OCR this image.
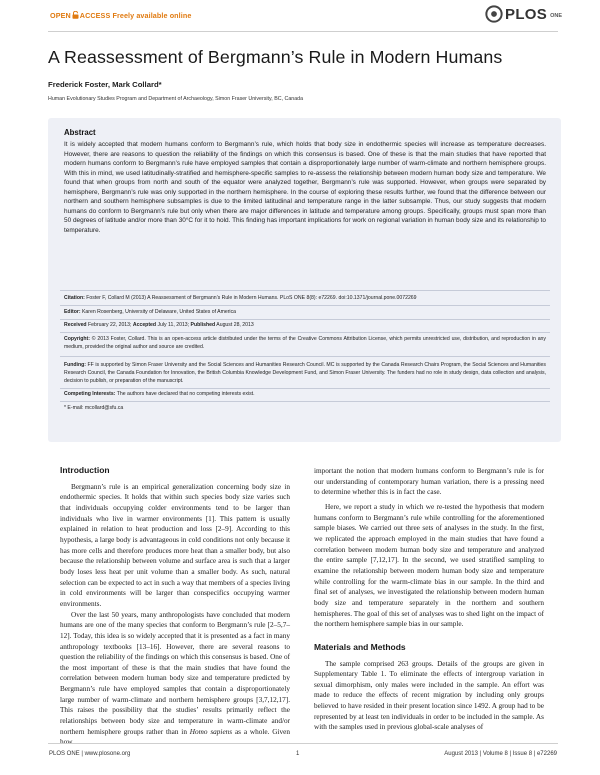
OPEN ACCESS Freely available online	PLOS ONE
A Reassessment of Bergmann’s Rule in Modern Humans
Frederick Foster, Mark Collard*
Human Evolutionary Studies Program and Department of Archaeology, Simon Fraser University, BC, Canada
Abstract
It is widely accepted that modern humans conform to Bergmann’s rule, which holds that body size in endothermic species will increase as temperature decreases. However, there are reasons to question the reliability of the findings on which this consensus is based. One of these is that the main studies that have reported that modern humans conform to Bergmann’s rule have employed samples that contain a disproportionately large number of warm-climate and northern hemisphere groups. With this in mind, we used latitudinally-stratified and hemisphere-specific samples to re-assess the relationship between modern human body size and temperature. We found that when groups from north and south of the equator were analyzed together, Bergmann’s rule was supported. However, when groups were separated by hemisphere, Bergmann’s rule was only supported in the northern hemisphere. In the course of exploring these results further, we found that the difference between our northern and southern hemisphere subsamples is due to the limited latitudinal and temperature range in the latter subsample. Thus, our study suggests that modern humans do conform to Bergmann’s rule but only when there are major differences in latitude and temperature among groups. Specifically, groups must span more than 50 degrees of latitude and/or more than 30°C for it to hold. This finding has important implications for work on regional variation in human body size and its relationship to temperature.
Citation: Foster F, Collard M (2013) A Reassessment of Bergmann’s Rule in Modern Humans. PLoS ONE 8(8): e72269. doi:10.1371/journal.pone.0072269
Editor: Karen Rosenberg, University of Delaware, United States of America
Received February 22, 2013; Accepted July 11, 2013; Published August 28, 2013
Copyright: © 2013 Foster, Collard. This is an open-access article distributed under the terms of the Creative Commons Attribution License, which permits unrestricted use, distribution, and reproduction in any medium, provided the original author and source are credited.
Funding: FF is supported by Simon Fraser University and the Social Sciences and Humanities Research Council. MC is supported by the Canada Research Chairs Program, the Social Sciences and Humanities Research Council, the Canada Foundation for Innovation, the British Columbia Knowledge Development Fund, and Simon Fraser University. The funders had no role in study design, data collection and analysis, decision to publish, or preparation of the manuscript.
Competing Interests: The authors have declared that no competing interests exist.
* E-mail: mcollard@sfu.ca
Introduction

Bergmann’s rule is an empirical generalization concerning body size in endothermic species. It holds that within such species body size varies such that individuals occupying colder environments tend to be larger than individuals who live in warmer environments [1]. This pattern is usually explained in relation to heat production and loss [2–9]. According to this hypothesis, a large body is advantageous in cold conditions not only because it has more cells and therefore produces more heat than a smaller body, but also because the relationship between volume and surface area is such that a larger body loses less heat per unit volume than a smaller body. As such, natural selection can be expected to act in such a way that members of a species living in cold environments will be larger than conspecifics occupying warmer environments.

Over the last 50 years, many anthropologists have concluded that modern humans are one of the many species that conform to Bergmann’s rule [2–5,7–12]. Today, this idea is so widely accepted that it is presented as a fact in many anthropology textbooks [13–16]. However, there are several reasons to question the reliability of the findings on which this consensus is based. One of the most important of these is that the main studies that have found the correlation between modern human body size and temperature predicted by Bergmann’s rule have employed samples that contain a disproportionately large number of warm-climate and northern hemisphere groups [3,7,12,17]. This raises the possibility that the studies’ results primarily reflect the relationships between body size and temperature in warm-climate and/or northern hemisphere groups rather than in Homo sapiens as a whole. Given

important the notion that modern humans conform to Bergmann’s rule is for our understanding of contemporary human variation, there is a pressing need to determine whether this is in fact the case.

Here, we report a study in which we re-tested the hypothesis that modern humans conform to Bergmann’s rule while controlling for the aforementioned sample biases. We carried out three sets of analyses in the study. In the first, we replicated the approach employed in the main studies that have found a correlation between modern human body size and temperature and analyzed the entire sample [7,12,17]. In the second, we used stratified sampling to examine the relationship between modern human body size and temperature while controlling for the warm-climate bias in our sample. In the third and final set of analyses, we investigated the relationship between modern human body size and temperature separately in the northern and southern hemispheres. The goal of this set of analyses was to shed light on the impact of the northern hemisphere sample bias in our sample.

Materials and Methods

The sample comprised 263 groups. Details of the groups are given in Supplementary Table 1. To eliminate the effects of intergroup variation in sexual dimorphism, only males were included in the sample. An effort was made to reduce the effects of recent migration by including only groups believed to have resided in their present location since 1492. A group had to be represented by at least ten individuals in order to be included in the sample. As with the samples used in previous global-scale analyses of

PLOS ONE | www.plosone.org	1	August 2013 | Volume 8 | Issue 8 | e72269
